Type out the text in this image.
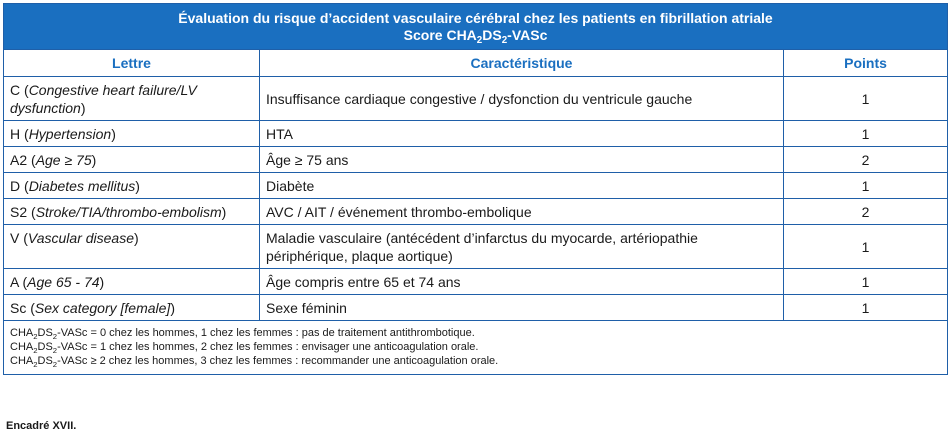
Évaluation du risque d’accident vasculaire cérébral chez les patients en fibrillation atriale
Score $CHA_2DS_2$-VASc		

Lettre	Caractéristique	Points
C (Congestive heart failure/LV dysfunction)	Insuffisance cardiaque congestive / dysfonction du ventricule gauche	1
H (Hypertension)	HTA	1
A2 (Age ≥ 75)	Âge ≥ 75 ans	2
D (Diabetes mellitus)	Diabète	1
S2 (Stroke/TIA/thrombo-embolism)	AVC / AIT / événement thrombo-embolique	2
V (Vascular disease)	Maladie vasculaire (antécédent d’infarctus du myocarde, artériopathie périphérique, plaque aortique)	1
A (Age 65 - 74)	Âge compris entre 65 et 74 ans	1
Sc (Sex category [female])	Sexe féminin	1

$CHA_2DS_2$-VASc = 0 chez les hommes, 1 chez les femmes : pas de traitement antithrombotique.
$CHA_2DS_2$-VASc = 1 chez les hommes, 2 chez les femmes : envisager une anticoagulation orale.
$CHA_2DS_2$-VASc ≥ 2 chez les hommes, 3 chez les femmes : recommander une anticoagulation orale.		
Encadré XVII.
